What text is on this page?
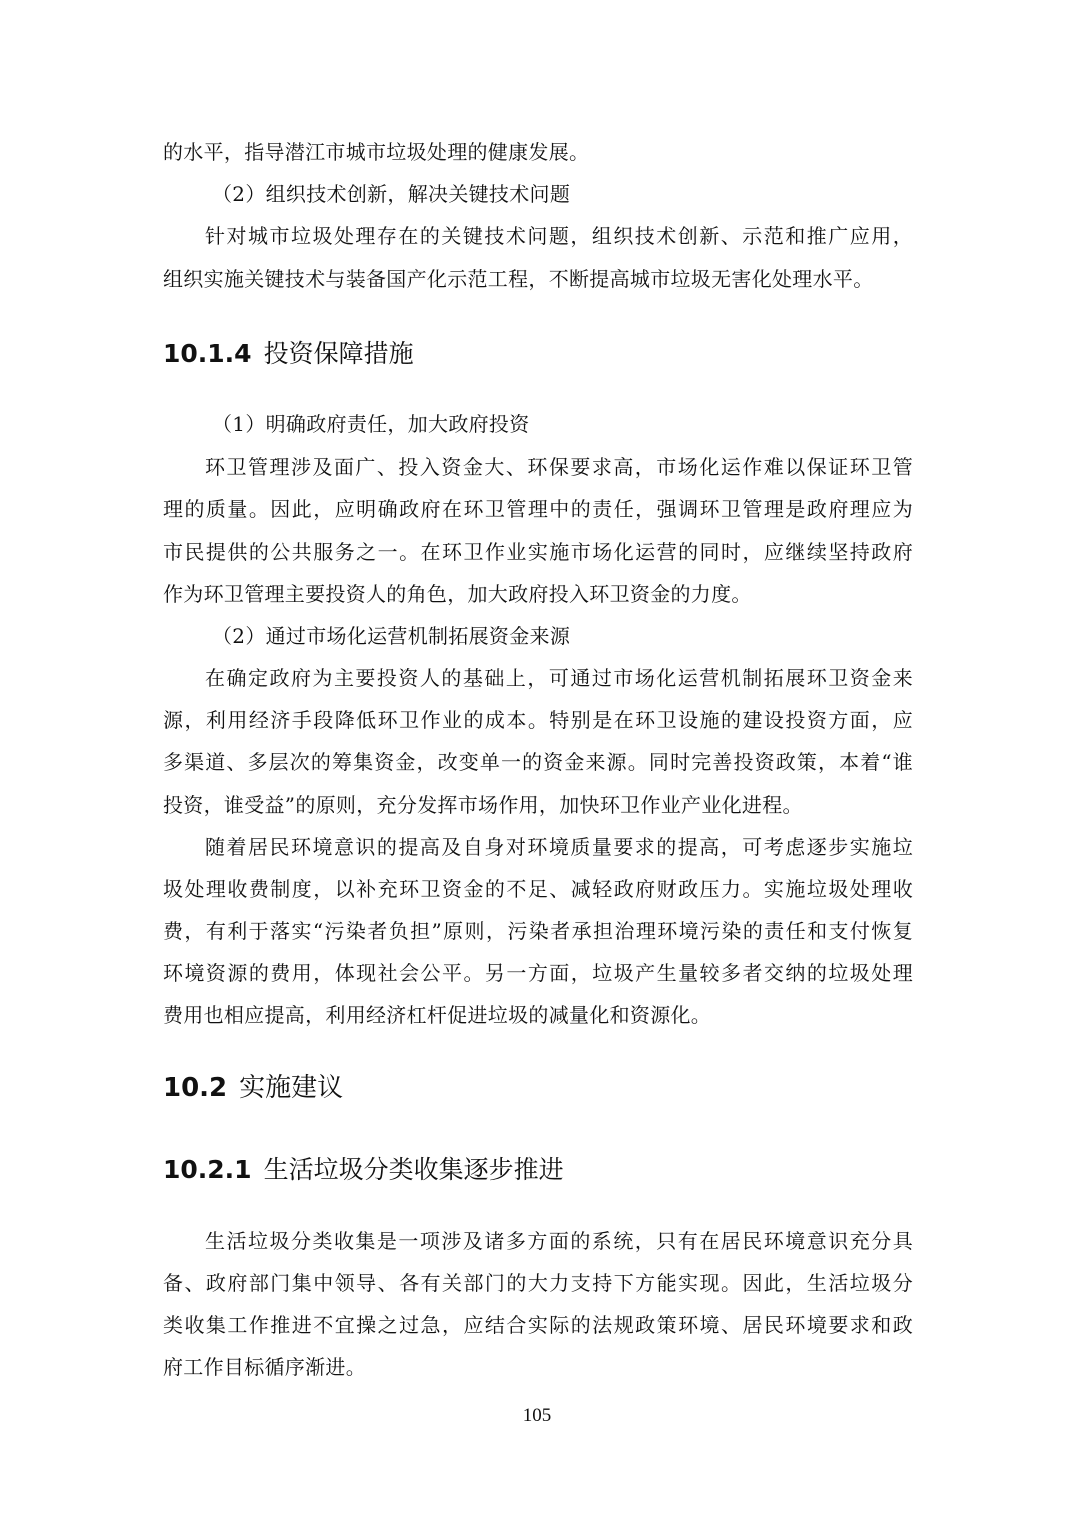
的水平，指导潜江市城市垃圾处理的健康发展。
（2）组织技术创新，解决关键技术问题
针对城市垃圾处理存在的关键技术问题，组织技术创新、示范和推广应用，
组织实施关键技术与装备国产化示范工程，不断提高城市垃圾无害化处理水平。
10.1.4 投资保障措施
（1）明确政府责任，加大政府投资
环卫管理涉及面广、投入资金大、环保要求高，市场化运作难以保证环卫管
理的质量。因此，应明确政府在环卫管理中的责任，强调环卫管理是政府理应为
市民提供的公共服务之一。在环卫作业实施市场化运营的同时，应继续坚持政府
作为环卫管理主要投资人的角色，加大政府投入环卫资金的力度。
（2）通过市场化运营机制拓展资金来源
在确定政府为主要投资人的基础上，可通过市场化运营机制拓展环卫资金来
源，利用经济手段降低环卫作业的成本。特别是在环卫设施的建设投资方面，应
多渠道、多层次的筹集资金，改变单一的资金来源。同时完善投资政策，本着“谁
投资，谁受益”的原则，充分发挥市场作用，加快环卫作业产业化进程。
随着居民环境意识的提高及自身对环境质量要求的提高，可考虑逐步实施垃
圾处理收费制度，以补充环卫资金的不足、减轻政府财政压力。实施垃圾处理收
费，有利于落实“污染者负担”原则，污染者承担治理环境污染的责任和支付恢复
环境资源的费用，体现社会公平。另一方面，垃圾产生量较多者交纳的垃圾处理
费用也相应提高，利用经济杠杆促进垃圾的减量化和资源化。
10.2 实施建议
10.2.1 生活垃圾分类收集逐步推进
生活垃圾分类收集是一项涉及诸多方面的系统，只有在居民环境意识充分具
备、政府部门集中领导、各有关部门的大力支持下方能实现。因此，生活垃圾分
类收集工作推进不宜操之过急，应结合实际的法规政策环境、居民环境要求和政
府工作目标循序渐进。
105
